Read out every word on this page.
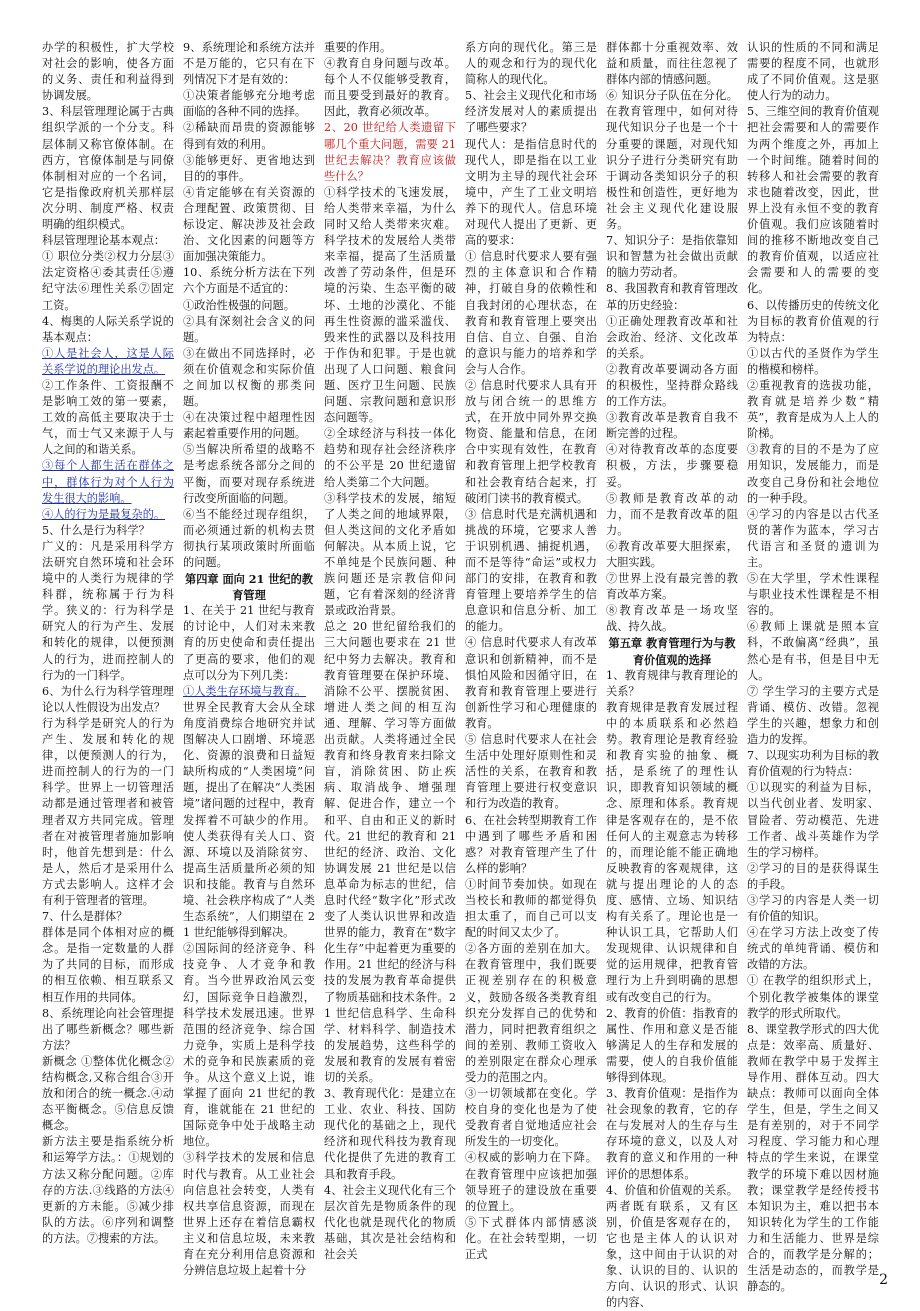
办学的积极性，扩大学校对社会的影响，使各方面的义务、责任和利益得到协调发展。

3、科层管理理论属于古典组织学派的一个分支。科层体制又称官僚体制。在西方，官僚体制是与同僚体制相对应的一个名词，它是指像政府机关那样层次分明、制度严格、权责明确的组织模式。

科层管理理论基本观点：

① 职位分类②权力分层③法定资格④委其责任⑤遵纪守法⑥理性关系⑦固定工资。

4、梅奥的人际关系学说的基本观点：

①人是社会人，这是人际关系学说的理论出发点。

②工作条件、工资报酬不是影响工效的第一要素，工效的高低主要取决于士气，而士气又来源于人与人之间的和谐关系。

③每个人都生活在群体之中，群体行为对个人行为发生很大的影响。

④人的行为是最复杂的。

5、什么是行为科学？

广义的：凡是采用科学方法研究自然环境和社会环境中的人类行为规律的学科群，统称属于行为科学。狭义的：行为科学是研究人的行为产生、发展和转化的规律，以便预测人的行为，进而控制人的行为的一门科学。

6、为什么行为科学管理理论以人性假设为出发点？

行为科学是研究人的行为产生、发展和转化的规律，以便预测人的行为，进而控制人的行为的一门科学。世界上一切管理活动都是通过管理者和被管理者双方共同完成。管理者在对被管理者施加影响时，他首先想到是：什么是人，然后才是采用什么方式去影响人。这样才会有利于管理者的管理。

7、什么是群体？

群体是同个体相对应的概念。是指一定数量的人群为了共同的目标，而形成的相互依赖、相互联系又相互作用的共同体。

8、系统理论向社会管理提出了哪些新概念？哪些新方法？

新概念 ①整体优化概念②结构概念,又称合组合③开放和闭合的统一概念.④动态平衡概念。⑤信息反馈概念。

新方法主要是指系统分析和运筹学方法。：①规划的方法又称分配问题。②库存的方法.③线路的方法④更新的方未能。⑤减少排队的方法。⑥序列和调整的方法。⑦搜索的方法。

9、系统理论和系统方法并不是万能的，它只有在下列情况下才是有效的：

①决策者能够充分地考虑面临的各种不同的选择。

②稀缺而昂贵的资源能够得到有效的利用。

③能够更好、更省地达到目的的事件。

④肯定能够在有关资源的合理配置、政策贯彻、目标设定、解决涉及社会政治、文化因素的问题等方面加强决策能力。

10、系统分析方法在下列六个方面是不适宜的：

①政治性极强的问题。

②具有深刻社会含义的问题。

③在做出不同选择时，必须在价值观念和实际价值之间加以权衡的那类问题。

④在决策过程中超理性因素起着重要作用的问题。

⑤当解决所希望的战略不是考虑系统各部分之间的平衡，而要对现存系统进行改变所面临的问题。

⑥当不能经过现存组织，而必须通过新的机构去贯彻执行某项政策时所面临的问题。

第四章 面向 21 世纪的教育管理

1、在关于 21 世纪与教育的讨论中，人们对未来教育的历史使命和责任提出了更高的要求，他们的观点可以分为下列几类：

①人类生存环境与教育。

世界全民教育大会从全球角度消费综合地研究并试图解决人口剧增、环境恶化、资源的浪费和日益短缺所构成的“人类困境”问题，提出了在解决“人类困境”诸问题的过程中，教育发挥着不可缺少的作用。使人类获得有关人口、资源、环境以及消除贫穷、提高生活质量所必须的知识和技能。教育与自然环境、社会秩序构成了“人类生态系统”，人们期望在 21 世纪能够得到解决。

②国际间的经济竞争、科技竞争、人才竞争和教育。当今世界政治风云变幻，国际竞争日趋激烈，科学技术发展迅速。世界范围的经济竞争、综合国力竞争，实质上是科学技术的竞争和民族素质的竞争。从这个意义上说，谁掌握了面向 21 世纪的教育，谁就能在 21 世纪的国际竞争中处于战略主动地位。

③科学技术的发展和信息时代与教育。从工业社会向信息社会转变，人类有权共享信息资源，而现在世界上还存在着信息霸权主义和信息垃圾，未来教育在充分利用信息资源和分辨信息垃圾上起着十分

重要的作用。

④教育自身问题与改革。每个人不仅能够受教育，而且要受到最好的教育。因此，教育必须改革。

2、20 世纪给人类遗留下哪几个重大问题，需要 21 世纪去解决？教育应该做些什么？

①科学技术的飞速发展，给人类带来幸福，为什么同时又给人类带来灾难。科学技术的发展给人类带来幸福，提高了生活质量改善了劳动条件，但是环境的污染、生态平衡的破坏、土地的沙漠化、不能再生性资源的滥采滥伐、毁来性的武器以及科技用于作伪和犯罪。于是也就出现了人口问题、粮食问题、医疗卫生问题、民族问题、宗教问题和意识形态问题等。

②全球经济与科技一体化趋势和现存社会经济秩序的不公平是 20 世纪遗留给人类第二个大问题。

③科学技术的发展，缩短了人类之间的地域界限，但人类这间的文化矛盾如何解决。从本质上说，它不单纯是个民族问题、种族问题还是宗教信仰问题，它有着深刻的经济背景或政治背景。

总之 20 世纪留给我们的三大问题也要求在 21 世纪中努力去解决。教育和教育管理要在保护环境、消除不公平、摆脱贫困、增进人类之间的相互沟通、理解、学习等方面做出贡献。人类将通过全民教育和终身教育来扫除文盲，消除贫困、防止疾病、取消战争、增强理解、促进合作，建立一个和平、自由和正义的新时代。21 世纪的教育和 21 世纪的经济、政治、文化协调发展 21 世纪是以信息革命为标志的世纪，信息时代经“数字化”形式改变了人类认识世界和改造世界的能力，教育在“数字化生存”中起着更为重要的作用。21 世纪的经济与科技的发展为教育革命提供了物质基础和技术条件。21 世纪信息科学、生命科学、材料科学、制造技术的发展趋势，这些科学的发展和教育的发展有着密切的关系。

3、教育现代化：是建立在工业、农业、科技、国防现代化的基础之上，现代经济和现代科技为教育现代化提供了先进的教育工具和教育手段。

4、社会主义现代化有三个层次首先是物质条件的现代化也就是现代化的物质基础，其次是社会结构和社会关

系方向的现代化。第三是人的观念和行为的现代化简称人的现代化。

5、社会主义现代化和市场经济发展对人的素质提出了哪些要求？

现代人：是指信息时代的现代人，即是指在以工业文明为主导的现代社会环境中，产生了工业文明培养下的现代人。信息环境对现代人提出了更新、更高的要求：

① 信息时代要求人要有强烈的主体意识和合作精神，打破自身的依赖性和自我封闭的心理状态，在教育和教育管理上要突出自信、自立、自强、自治的意识与能力的培养和学会与人合作。

② 信息时代要求人具有开放与闭合统一的思维方式，在开放中同外界交换物资、能量和信息，在闭合中实现有效性，在教育和教育管理上把学校教育和社会教育结合起来，打破闭门读书的教育模式。

③ 信息时代是充满机遇和挑战的环境，它要求人善于识别机遇、捕捉机遇，而不是等待“命运”或权力部门的安排，在教育和教育管理上要培养学生的信息意识和信息分析、加工的能力。

④ 信息时代要求人有改革意识和创新精神，而不是惧怕风险和因循守旧，在教育和教育管理上要进行创新性学习和心理健康的教育。

⑤ 信息时代要求人在社会生活中处理好原则性和灵活性的关系，在教育和教育管理上要进行权变意识和行为改造的教育。

6、在社会转型期教育工作中遇到了哪些矛盾和困惑？对教育管理产生了什么样的影响？

①时间节奏加快。如现在当校长和教师的都觉得负担太重了，而自己可以支配的时间又太少了。

②各方面的差别在加大。在教育管理中，我们既要正视差别存在的积极意义，鼓励各级各类教育组织充分发挥自己的优势和潜力，同时把教育组织之间的差别、教师工资收入的差别限定在群众心理承受力的范围之内。

③一切领域都在变化。学校自身的变化也是为了使受教育者自觉地适应社会所发生的一切变化。

④权威的影响力在下降。在教育管理中应该把加强领导班子的建设放在重要的位置上。

⑤下式群体内部情感淡化。在社会转型期，一切正式

群体都十分重视效率、效益和质量，而往往忽视了群体内部的情感问题。

⑥ 知识分子队伍在分化。在教育管理中，如何对待现代知识分子也是一个十分重要的课题，对现代知识分子进行分类研究有助于调动各类知识分子的积极性和创造性，更好地为社会主义现代化建设服务。

7、知识分子：是指依靠知识和智慧为社会做出贡献的脑力劳动者。

8、我国教育和教育管理改革的历史经验：

①正确处理教育改革和社会政治、经济、文化改革的关系。

②教育改革要调动各方面的积极性，坚持群众路线的工作方法。

③教育改革是教育自我不断完善的过程。

④对待教育改革的态度要积极，方法，步骤要稳妥。

⑤教师是教育改革的动力，而不是教育改革的阻力。

⑥教育改革要大胆探索，大胆实践。

⑦世界上没有最完善的教育改革方案。

⑧教育改革是一场攻坚战、持久战。

第五章 教育管理行为与教育价值观的选择

1、教育规律与教育理论的关系？

教育规律是教育发展过程中的本质联系和必然趋势。教育理论是教育经验和教育实验的抽象、概括，是系统了的理性认识，即教育知识领域的概念、原理和体系。教育规律是客观存在的，是不依任何人的主观意志为转移的，而理论能不能正确地反映教育的客观规律，这就与提出理论的人的态度、感情、立场、知识结构有关系了。理论也是一种认识工具，它帮助人们发现规律、认识规律和自觉的运用规律，把教育管理行为上升到明确的思想或有改变自己的行为。

2、教育的价值：指教育的属性、作用和意义是否能够满足人的生存和发展的需要，使人的自我价值能够得到体现。

3、教育价值观：是指作为社会现象的教育，它的存在与发展对人的生存与生存环境的意义，以及人对教育的意义和作用的一种评价的思想体系。

4、价值和价值观的关系。两者既有联系，又有区别，价值是客观存在的，它也是主体人的认识对象，这中间由于认识的对象、认识的目的、认识的方向、认识的形式、认识的内容、

认识的性质的不同和满足需要的程度不同，也就形成了不同价值观。这是驱使人行为的动力。

5、三维空间的教育价值观把社会需要和人的需要作为两个维度之外，再加上一个时间维。随着时间的转移人和社会需要的教育求也随着改变，因此，世界上没有永恒不变的教育价值观。我们应该随着时间的推移不断地改变自己的教育价值观，以适应社会需要和人的需要的变化。

6、以传播历史的传统文化为目标的教育价值观的行为特点：

①以古代的圣贤作为学生的楷模和榜样。

②重视教育的选拔功能，教育就是培养少数“精英”，教育是成为人上人的阶梯。

③教育的目的不是为了应用知识，发展能力，而是改变自己身份和社会地位的一种手段。

④学习的内容是以古代圣贤的著作为蓝本，学习古代语言和圣贤的遗训为主。

⑤在大学里，学术性课程与职业技术性课程是不相容的。

⑥教师上课就是照本宣科，不敢偏离“经典”，虽然心是有书，但是目中无人。

⑦ 学生学习的主要方式是背诵、模仿、改错。忽视学生的兴趣，想象力和创造力的发挥。

7、以现实功利为目标的教育价值观的行为特点：

①以现实的利益为目标，以当代创业者、发明家、冒险者、劳动模范、先进工作者、战斗英雄作为学生的学习榜样。

②学习的目的是获得谋生的手段。

③学习的内容是人类一切有价值的知识。

④在学习方法上改变了传统式的单纯背诵、模仿和改错的方法。

① 在教学的组织形式上，个别化教学被集体的课堂教学的形式所取代。

8、课堂教学形式的四大优点是：效率高、质量好、教师在教学中易于发挥主导作用、群体互动。四大缺点：教师可以面向全体学生，但是，学生之间又是有差别的，对于不同学习程度、学习能力和心理特点的学生来说，在课堂教学的环境下难以因材施教；课堂教学是经传授书本知识为主，难以把书本知识转化为学生的工作能力和生活能力、世界是综合的，而教学是分解的；生活是动态的，而教学是静态的。	2
